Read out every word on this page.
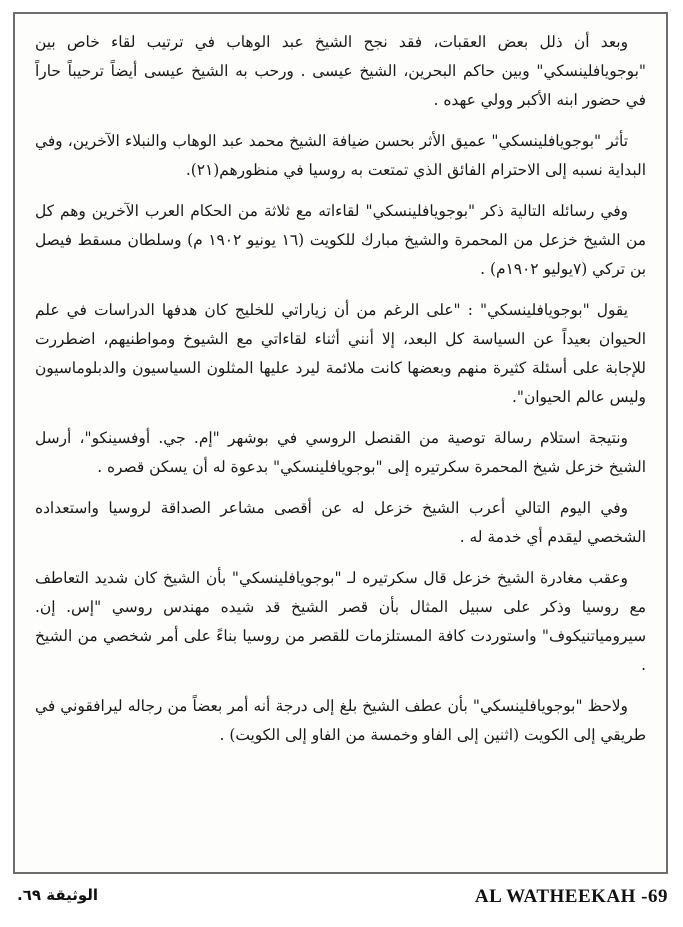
وبعد أن ذلل بعض العقبات، فقد نجح الشيخ عبد الوهاب في ترتيب لقاء خاص بين "بوجويافلينسكي" وبين حاكم البحرين، الشيخ عيسى . ورحب به الشيخ عيسى أيضاً ترحيباً حاراً في حضور ابنه الأكبر وولي عهده .

تأثر "بوجويافلينسكي" عميق الأثر بحسن ضيافة الشيخ محمد عبد الوهاب والنبلاء الآخرين، وفي البداية نسبه إلى الاحترام الفائق الذي تمتعت به روسيا في منظورهم(٢١).

وفي رسائله التالية ذكر "بوجويافلينسكي" لقاءاته مع ثلاثة من الحكام العرب الآخرين وهم كل من الشيخ خزعل من المحمرة والشيخ مبارك للكويت (١٦ يونيو ١٩٠٢ م) وسلطان مسقط فيصل بن تركي (٧يوليو ١٩٠٢م) .

يقول "بوجويافلينسكي" : "على الرغم من أن زياراتي للخليج كان هدفها الدراسات في علم الحيوان بعيداً عن السياسة كل البعد، إلا أنني أثناء لقاءاتي مع الشيوخ ومواطنيهم، اضطررت للإجابة على أسئلة كثيرة منهم وبعضها كانت ملائمة ليرد عليها المثلون السياسيون والدبلوماسيون وليس عالم الحيوان".

ونتيجة استلام رسالة توصية من القنصل الروسي في بوشهر "إم. جي. أوفسينكو"، أرسل الشيخ خزعل شيخ المحمرة سكرتيره إلى "بوجويافلينسكي" بدعوة له أن يسكن قصره .

وفي اليوم التالي أعرب الشيخ خزعل له عن أقصى مشاعر الصداقة لروسيا واستعداده الشخصي ليقدم أي خدمة له .

وعقب مغادرة الشيخ خزعل قال سكرتيره لـ "بوجويافلينسكي" بأن الشيخ كان شديد التعاطف مع روسيا وذكر على سبيل المثال بأن قصر الشيخ قد شيده مهندس روسي "إس. إن. سيرومياتنيكوف" واستوردت كافة المستلزمات للقصر من روسيا بناءً على أمر شخصي من الشيخ .

ولاحظ "بوجويافلينسكي" بأن عطف الشيخ بلغ إلى درجة أنه أمر بعضاً من رجاله ليرافقوني في طريقي إلى الكويت (اثنين إلى الفاو وخمسة من الفاو إلى الكويت) .

الوثيقة ٦٩.	AL WATHEEKAH -69
